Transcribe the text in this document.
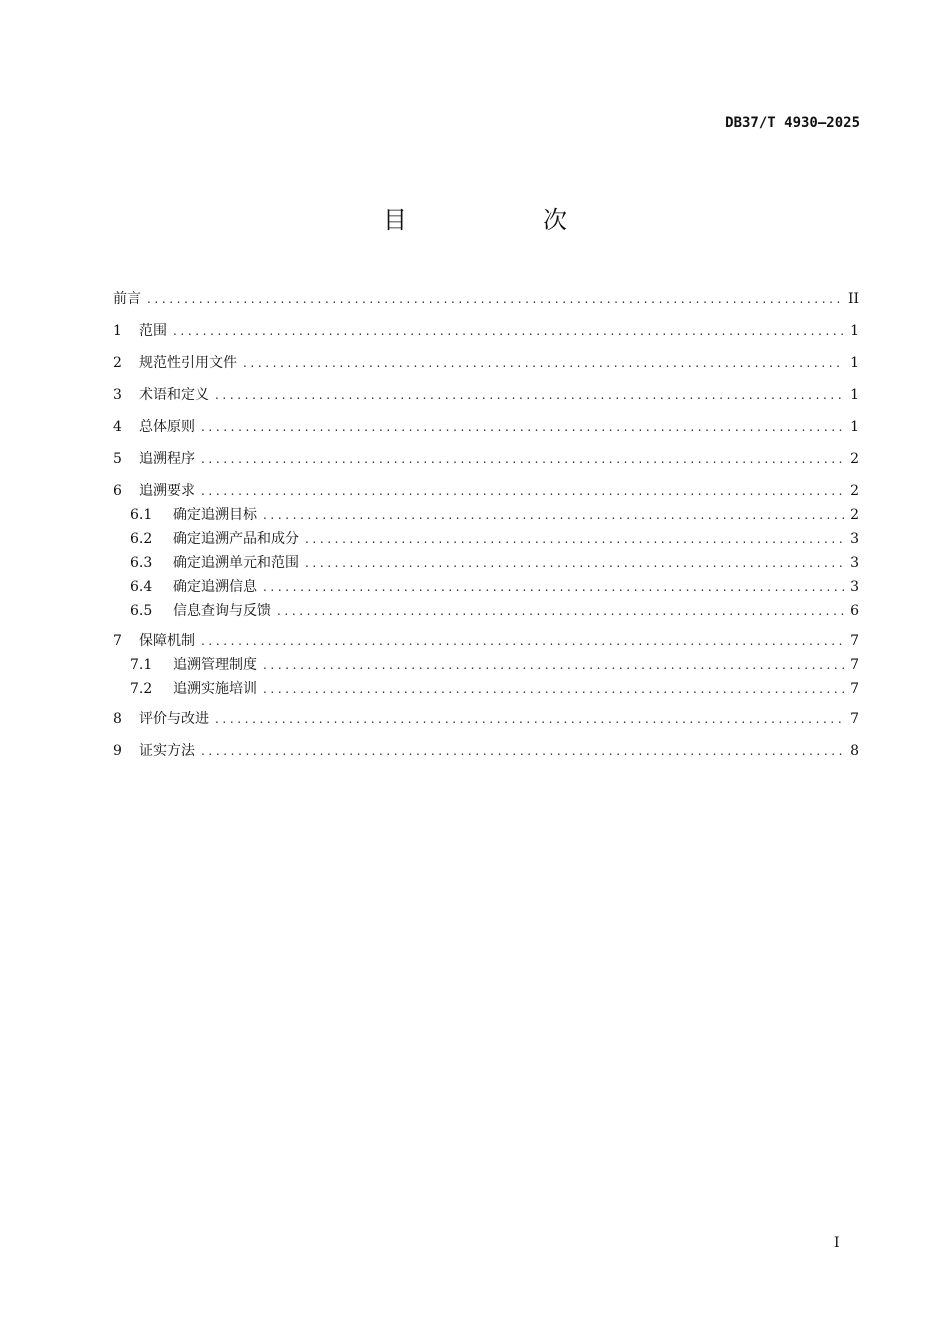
DB37/T 4930—2025
目　次
前言 .....	II
1	范围 .....	1
2	规范性引用文件 .....	1
3	术语和定义 .....	1
4	总体原则 .....	1
5	追溯程序 .....	2
6	追溯要求 .....	2
6.1	确定追溯目标 .....	2
6.2	确定追溯产品和成分 .....	3
6.3	确定追溯单元和范围 .....	3
6.4	确定追溯信息 .....	3
6.5	信息查询与反馈 .....	6
7	保障机制 .....	7
7.1	追溯管理制度 .....	7
7.2	追溯实施培训 .....	7
8	评价与改进 .....	7
9	证实方法 .....	8
I
